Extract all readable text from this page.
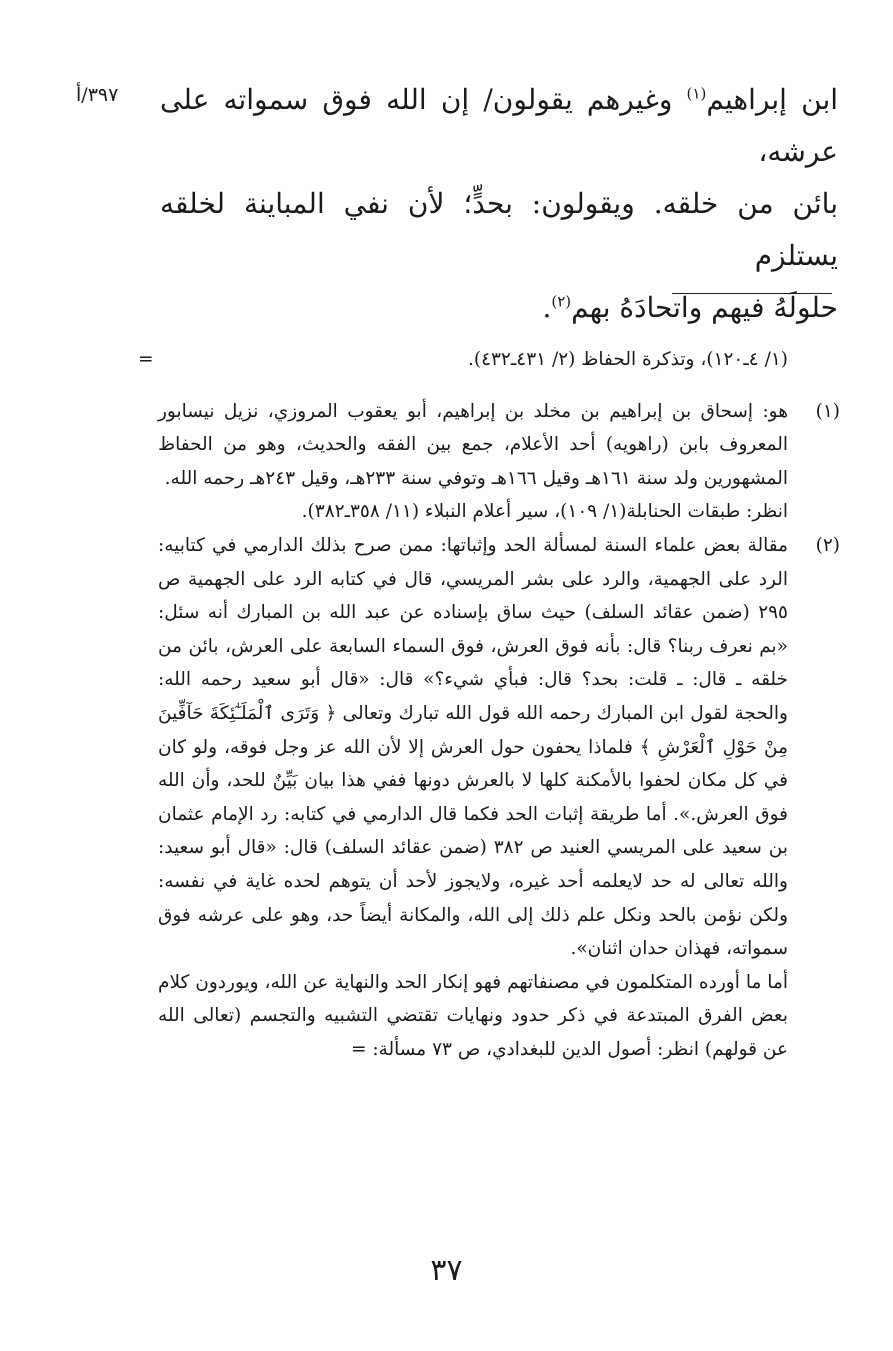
٣٩٧/أ	ابن إبراهيم$^{(١)}$ وغيرهم يقولون/ إن الله فوق سمواته على عرشه،

بائن من خلقه. ويقولون: بحدٍّ؛ لأن نفي المباينة لخلقه يستلزم

حلولَهُ فيهم واتحادَهُ بهم$^{(٢)}$.

=	(١/ ٤ـ١٢٠)، وتذكرة الحفاظ (٢/ ٤٣١ـ٤٣٢).

(١)

هو: إسحاق بن إبراهيم بن مخلد بن إبراهيم، أبو يعقوب المروزي، نزيل نيسابور المعروف بابن (راهويه) أحد الأعلام، جمع بين الفقه والحديث، وهو من الحفاظ المشهورين ولد سنة ١٦١هـ وقيل ١٦٦هـ وتوفي سنة ٢٣٣هـ، وقيل ٢٤٣هـ رحمه الله.

انظر: طبقات الحنابلة(١/ ١٠٩)، سير أعلام النبلاء (١١/ ٣٥٨ـ٣٨٢).

(٢)

مقالة بعض علماء السنة لمسألة الحد وإثباتها: ممن صرح بذلك الدارمي في كتابيه: الرد على الجهمية، والرد على بشر المريسي، قال في كتابه الرد على الجهمية ص ٢٩٥ (ضمن عقائد السلف) حيث ساق بإسناده عن عبد الله بن المبارك أنه سئل: «بم نعرف ربنا؟ قال: بأنه فوق العرش، فوق السماء السابعة على العرش، بائن من خلقه ـ قال: ـ قلت: بحد؟ قال: فبأي شيء؟» قال: «قال أبو سعيد رحمه الله: والحجة لقول ابن المبارك رحمه الله قول الله تبارك وتعالى ﴿ وَتَرَى ٱلْمَلَـٰٓئِكَةَ حَآفِّينَ مِنْ حَوْلِ ٱلْعَرْشِ ﴾ فلماذا يحفون حول العرش إلا لأن الله عز وجل فوقه، ولو كان في كل مكان لحفوا بالأمكنة كلها لا بالعرش دونها ففي هذا بيان بَيِّنٌ للحد، وأن الله فوق العرش.». أما طريقة إثبات الحد فكما قال الدارمي في كتابه: رد الإمام عثمان بن سعيد على المريسي العنيد ص ٣٨٢ (ضمن عقائد السلف) قال: «قال أبو سعيد: والله تعالى له حد لايعلمه أحد غيره، ولايجوز لأحد أن يتوهم لحده غاية في نفسه: ولكن نؤمن بالحد ونكل علم ذلك إلى الله، والمكانة أيضاً حد، وهو على عرشه فوق سمواته، فهذان حدان اثنان».

أما ما أورده المتكلمون في مصنفاتهم فهو إنكار الحد والنهاية عن الله، ويوردون كلام بعض الفرق المبتدعة في ذكر حدود ونهايات تقتضي التشبيه والتجسم (تعالى الله عن قولهم) انظر: أصول الدين للبغدادي، ص ٧٣ مسألة: =

٣٧
